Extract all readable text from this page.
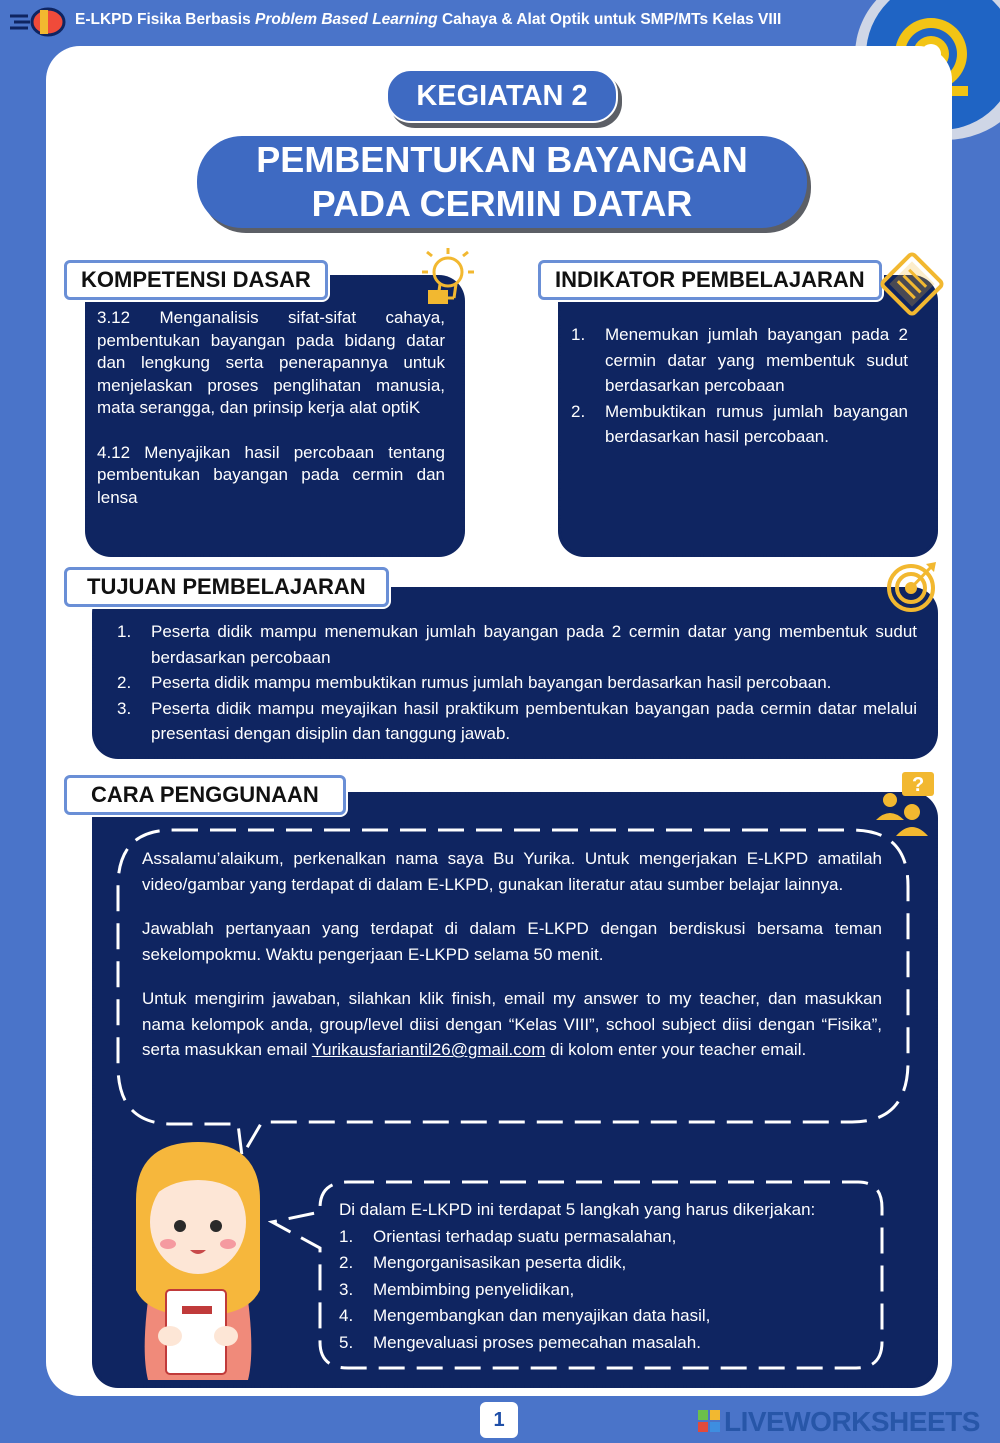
E-LKPD Fisika Berbasis Problem Based Learning Cahaya & Alat Optik untuk SMP/MTs Kelas VIII
KEGIATAN 2
PEMBENTUKAN BAYANGAN
PADA CERMIN DATAR
KOMPETENSI DASAR
3.12 Menganalisis sifat-sifat cahaya, pembentukan bayangan pada bidang datar dan lengkung serta penerapannya untuk menjelaskan proses penglihatan manusia, mata serangga, dan prinsip kerja alat optiK
4.12 Menyajikan hasil percobaan tentang pembentukan bayangan pada cermin dan lensa
INDIKATOR PEMBELAJARAN
1. Menemukan jumlah bayangan pada 2 cermin datar yang membentuk sudut berdasarkan percobaan
2. Membuktikan rumus jumlah bayangan berdasarkan hasil percobaan.
TUJUAN PEMBELAJARAN
1. Peserta didik mampu menemukan jumlah bayangan pada 2 cermin datar yang membentuk sudut berdasarkan percobaan
2. Peserta didik mampu membuktikan rumus jumlah bayangan berdasarkan hasil percobaan.
3. Peserta didik mampu meyajikan hasil praktikum pembentukan bayangan pada cermin datar melalui presentasi dengan disiplin dan tanggung jawab.
CARA PENGGUNAAN	?
Assalamu’alaikum, perkenalkan nama saya Bu Yurika. Untuk mengerjakan E-LKPD amatilah video/gambar yang terdapat di dalam E-LKPD, gunakan literatur atau sumber belajar lainnya.
Jawablah pertanyaan yang terdapat di dalam E-LKPD dengan berdiskusi bersama teman sekelompokmu. Waktu pengerjaan E-LKPD selama 50 menit.
Untuk mengirim jawaban, silahkan klik finish, email my answer to my teacher, dan masukkan nama kelompok anda, group/level diisi dengan “Kelas VIII”, school subject diisi dengan “Fisika”, serta masukkan email Yurikausfariantil26@gmail.com di kolom enter your teacher email.
Di dalam E-LKPD ini terdapat 5 langkah yang harus dikerjakan:
1. Orientasi terhadap suatu permasalahan,
2. Mengorganisasikan peserta didik,
3. Membimbing penyelidikan,
4. Mengembangkan dan menyajikan data hasil,
5. Mengevaluasi proses pemecahan masalah.
1	LIVEWORKSHEETS
